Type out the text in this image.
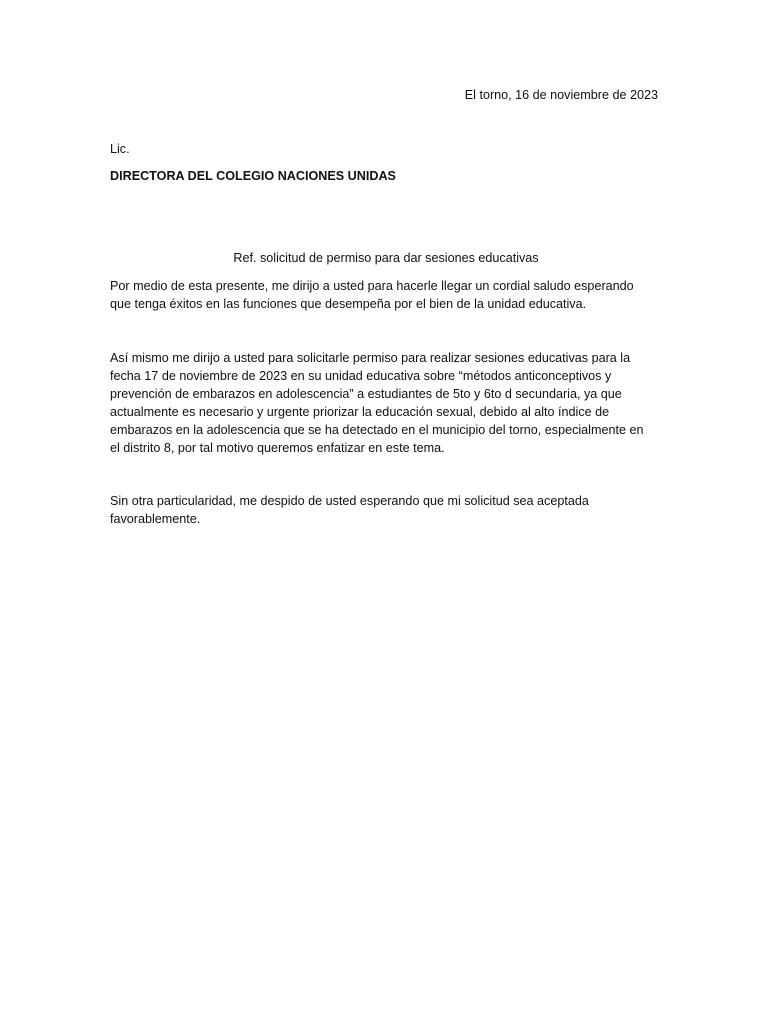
El torno, 16 de noviembre de 2023

Lic.

DIRECTORA DEL COLEGIO NACIONES UNIDAS

Ref. solicitud de permiso para dar sesiones educativas

Por medio de esta presente, me dirijo a usted para hacerle llegar un cordial saludo esperando
que tenga éxitos en las funciones que desempeña por el bien de la unidad educativa.

Así mismo me dirijo a usted para solicitarle permiso para realizar sesiones educativas para la
fecha 17 de noviembre de 2023 en su unidad educativa sobre “métodos anticonceptivos y
prevención de embarazos en adolescencia” a estudiantes de 5to y 6to d secundaria, ya que
actualmente es necesario y urgente priorizar la educación sexual, debido al alto índice de
embarazos en la adolescencia que se ha detectado en el municipio del torno, especialmente en
el distrito 8, por tal motivo queremos enfatizar en este tema.

Sin otra particularidad, me despido de usted esperando que mi solicitud sea aceptada
favorablemente.
